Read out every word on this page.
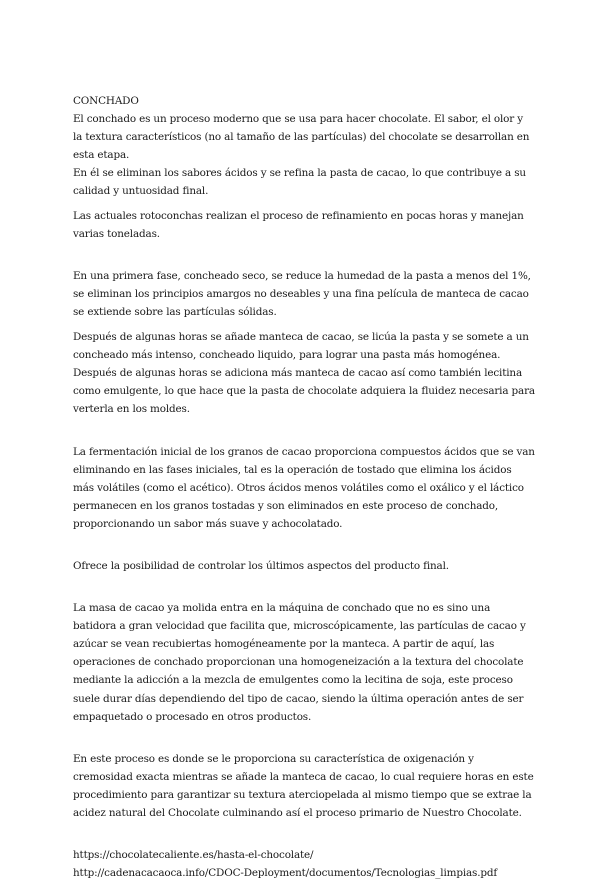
CONCHADO

El conchado es un proceso moderno que se usa para hacer chocolate. El sabor, el olor y la textura característicos (no al tamaño de las partículas) del chocolate se desarrollan en esta etapa.

En él se eliminan los sabores ácidos y se refina la pasta de cacao, lo que contribuye a su calidad y untuosidad final.

Las actuales rotoconchas realizan el proceso de refinamiento en pocas horas y manejan varias toneladas.

En una primera fase, concheado seco, se reduce la humedad de la pasta a menos del 1%, se eliminan los principios amargos no deseables y una fina película de manteca de cacao se extiende sobre las partículas sólidas.

Después de algunas horas se añade manteca de cacao, se licúa la pasta y se somete a un concheado más intenso, concheado liquido, para lograr una pasta más homogénea. Después de algunas horas se adiciona más manteca de cacao así como también lecitina como emulgente, lo que hace que la pasta de chocolate adquiera la fluidez necesaria para verterla en los moldes.

La fermentación inicial de los granos de cacao proporciona compuestos ácidos que se van eliminando en las fases iniciales, tal es la operación de tostado que elimina los ácidos más volátiles (como el acético). Otros ácidos menos volátiles como el oxálico y el láctico permanecen en los granos tostadas y son eliminados en este proceso de conchado, proporcionando un sabor más suave y achocolatado.

Ofrece la posibilidad de controlar los últimos aspectos del producto final.

La masa de cacao ya molida entra en la máquina de conchado que no es sino una batidora a gran velocidad que facilita que, microscópicamente, las partículas de cacao y azúcar se vean recubiertas homogéneamente por la manteca. A partir de aquí, las operaciones de conchado proporcionan una homogeneización a la textura del chocolate mediante la adicción a la mezcla de emulgentes como la lecitina de soja, este proceso suele durar días dependiendo del tipo de cacao, siendo la última operación antes de ser empaquetado o procesado en otros productos.

En este proceso es donde se le proporciona su característica de oxigenación y cremosidad exacta mientras se añade la manteca de cacao, lo cual requiere horas en este procedimiento para garantizar su textura aterciopelada al mismo tiempo que se extrae la acidez natural del Chocolate culminando así el proceso primario de Nuestro Chocolate.

https://chocolatecaliente.es/hasta-el-chocolate/

http://cadenacacaoca.info/CDOC-Deployment/documentos/Tecnologias_limpias.pdf
